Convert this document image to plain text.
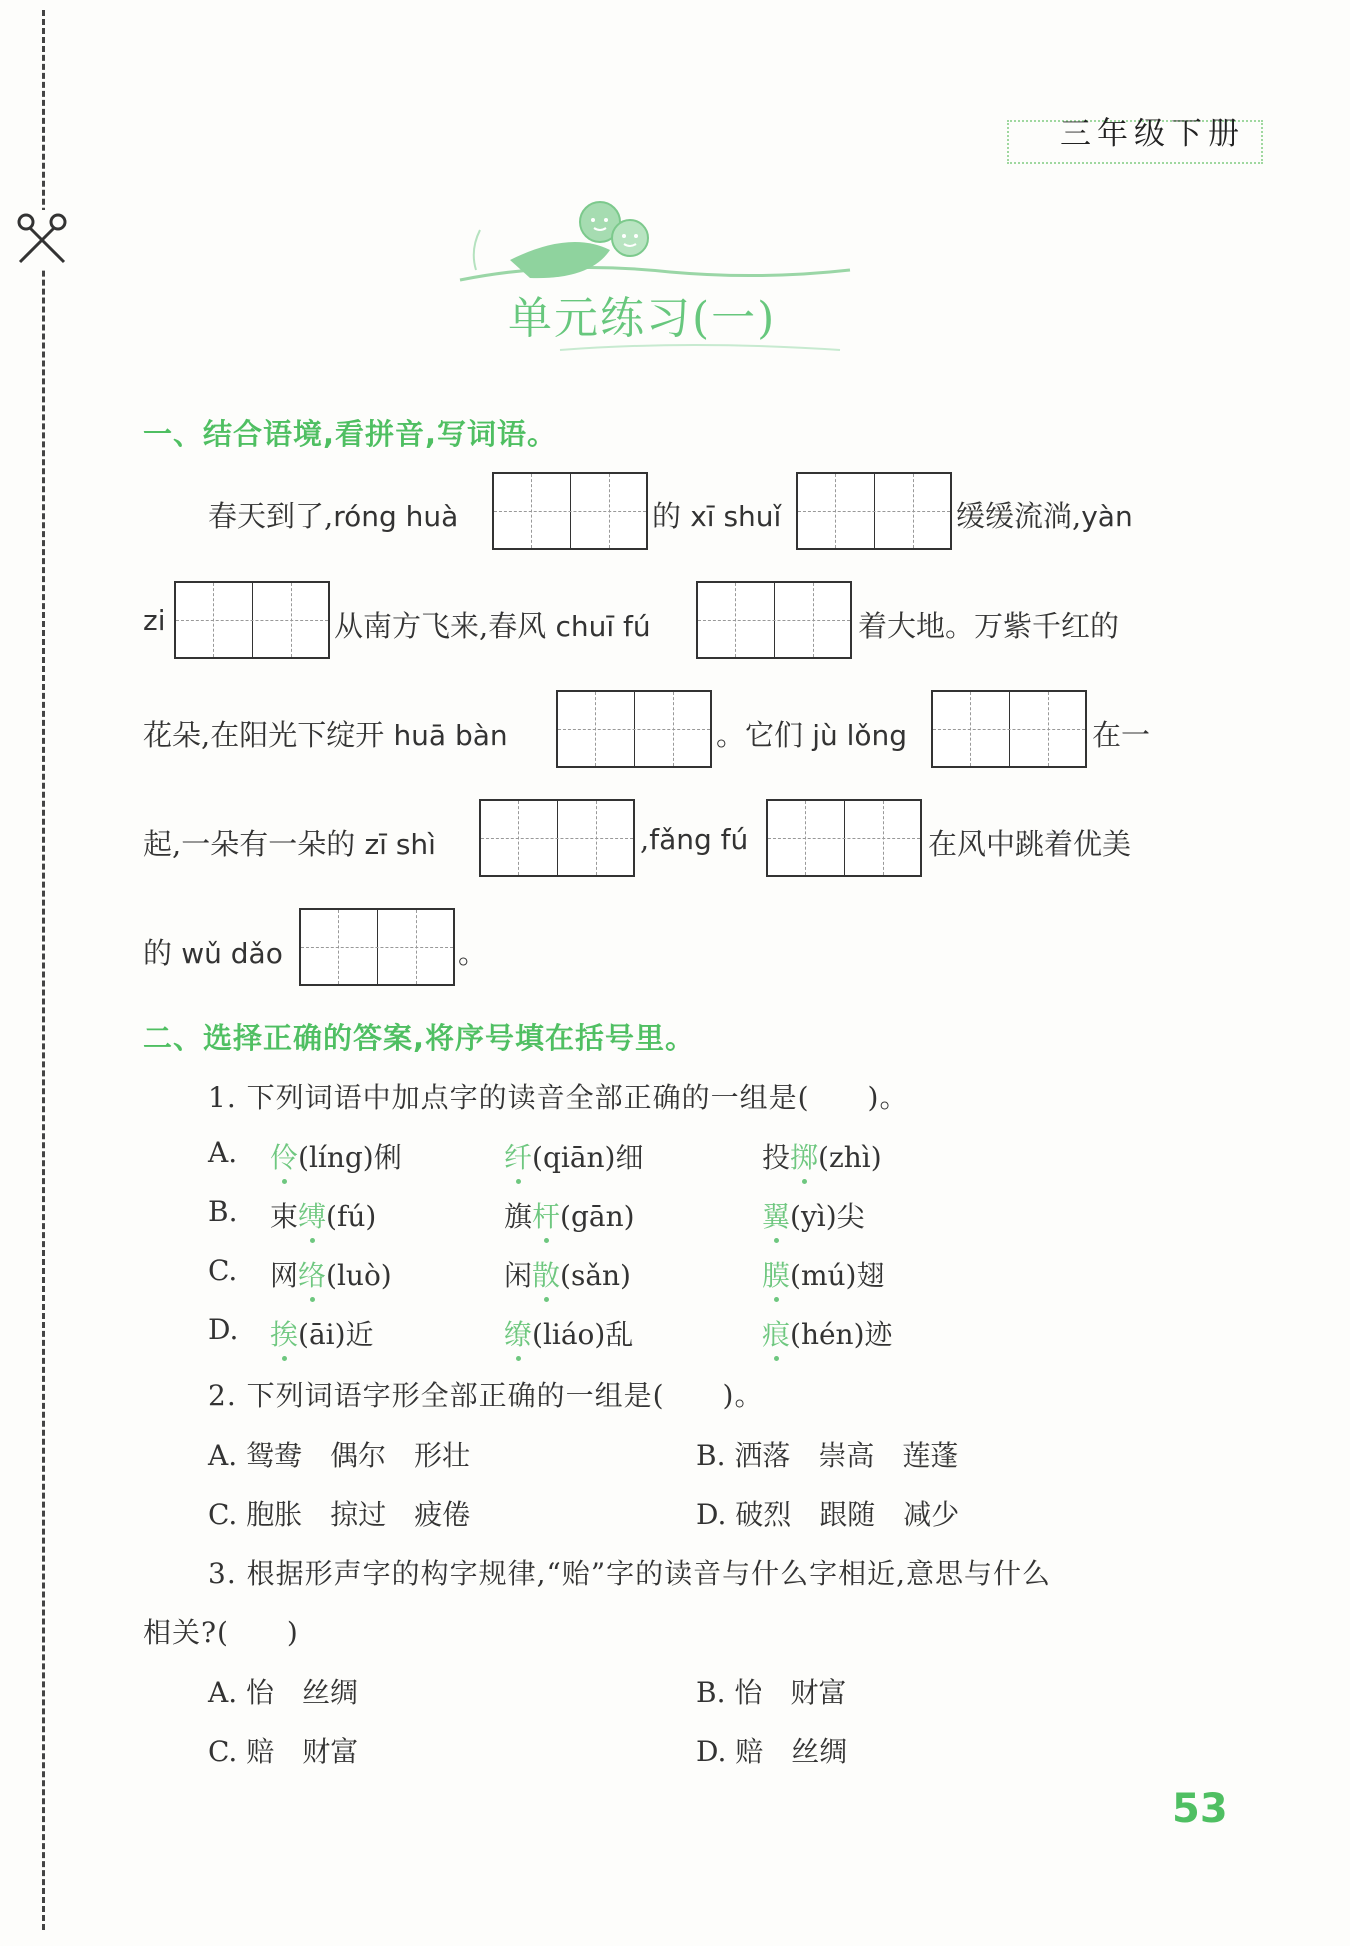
三年级下册
单元练习(一)
一、结合语境,看拼音,写词语。
春天到了,róng huà	的 xī shuǐ	缓缓流淌,yàn
zi	从南方飞来,春风 chuī fú	着大地。万紫千红的
花朵,在阳光下绽开 huā bàn	。它们 jù lǒng	在一
起,一朵有一朵的 zī shì	,fǎng fú	在风中跳着优美
的 wǔ dǎo	。
二、选择正确的答案,将序号填在括号里。
1. 下列词语中加点字的读音全部正确的一组是(　　)。
A. 伶(líng)俐	纤(qiān)细	投掷(zhì)
B. 束缚(fú)	旗杆(gān)	翼(yì)尖
C. 网络(luò)	闲散(sǎn)	膜(mú)翅
D. 挨(āi)近	缭(liáo)乱	痕(hén)迹
2. 下列词语字形全部正确的一组是(　　)。
A. 鸳鸯　偶尔　形壮	B. 洒落　崇高　莲蓬
C. 胞胀　掠过　疲倦	D. 破烈　跟随　减少
3. 根据形声字的构字规律,“贻”字的读音与什么字相近,意思与什么
相关?(　　)
A. 怡　丝绸	B. 怡　财富
C. 赔　财富	D. 赔　丝绸
53
